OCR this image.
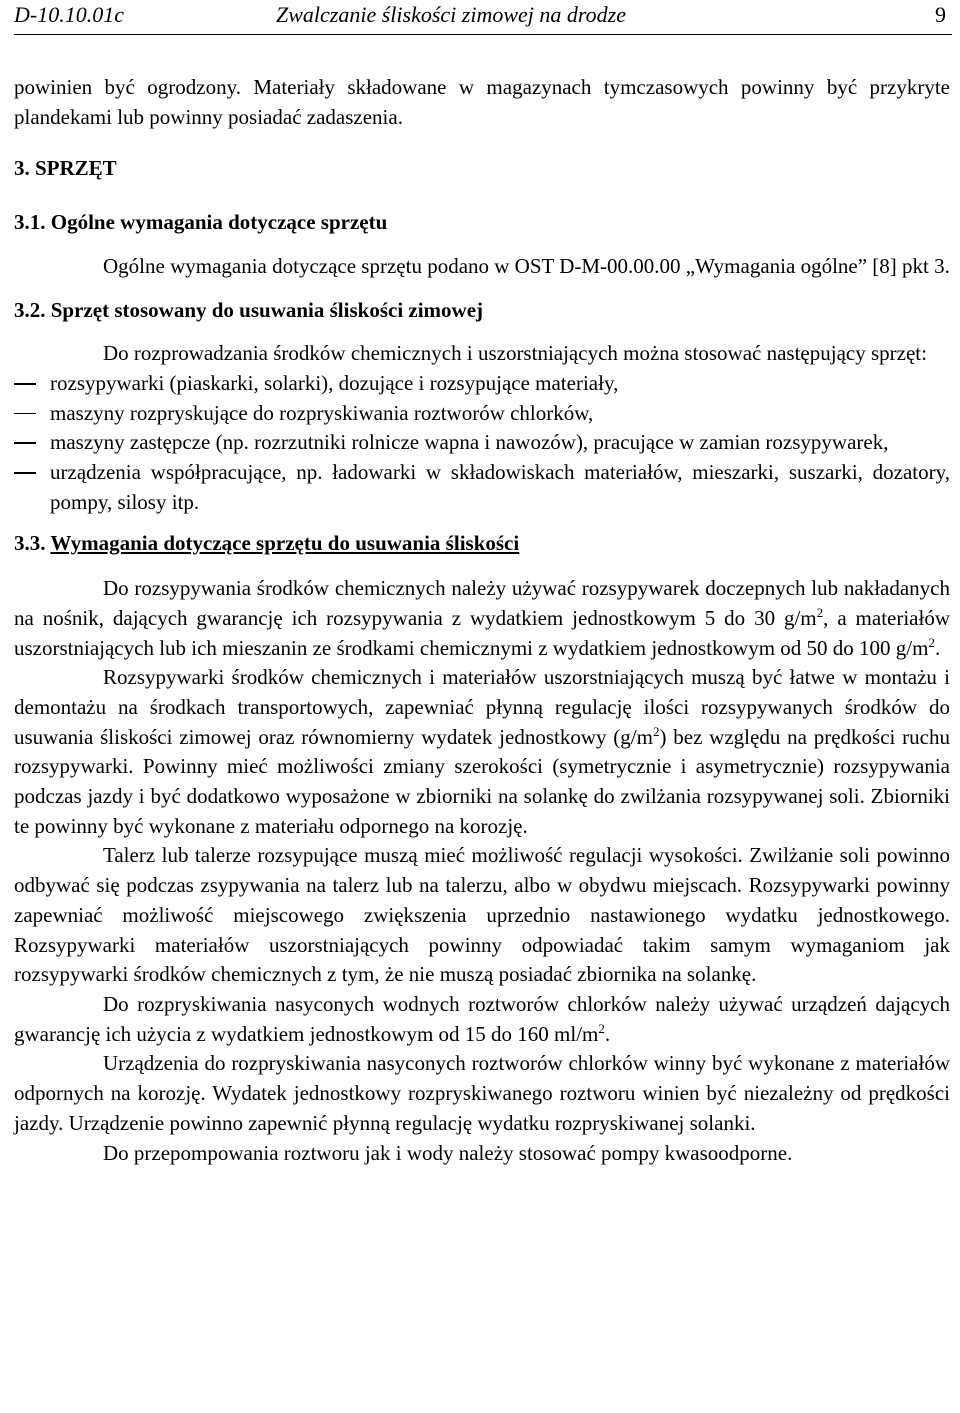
D-10.10.01c	Zwalczanie śliskości zimowej na drodze	9

powinien być ogrodzony. Materiały składowane w magazynach tymczasowych powinny być przykryte plandekami lub powinny posiadać zadaszenia.

3. SPRZĘT
3.1. Ogólne wymagania dotyczące sprzętu

Ogólne wymagania dotyczące sprzętu podano w OST D-M-00.00.00 „Wymagania ogólne” [8] pkt 3.

3.2. Sprzęt stosowany do usuwania śliskości zimowej

Do rozprowadzania środków chemicznych i uszorstniających można stosować następujący sprzęt:

rozsypywarki (piaskarki, solarki), dozujące i rozsypujące materiały,
maszyny rozpryskujące do rozpryskiwania roztworów chlorków,
maszyny zastępcze (np. rozrzutniki rolnicze wapna i nawozów), pracujące w zamian rozsypywarek,
urządzenia współpracujące, np. ładowarki w składowiskach materiałów, mieszarki, suszarki, dozatory, pompy, silosy itp.
3.3. Wymagania dotyczące sprzętu do usuwania śliskości

Do rozsypywania środków chemicznych należy używać rozsypywarek doczepnych lub nakładanych na nośnik, dających gwarancję ich rozsypywania z wydatkiem jednostkowym 5 do 30 $g/m^2$, a materiałów uszorstniających lub ich mieszanin ze środkami chemicznymi z wydatkiem jednostkowym od 50 do 100 $g/m^2$.

Rozsypywarki środków chemicznych i materiałów uszorstniających muszą być łatwe w montażu i demontażu na środkach transportowych, zapewniać płynną regulację ilości rozsypywanych środków do usuwania śliskości zimowej oraz równomierny wydatek jednostkowy $(g/m^2)$ bez względu na prędkości ruchu rozsypywarki. Powinny mieć możliwości zmiany szerokości (symetrycznie i asymetrycznie) rozsypywania podczas jazdy i być dodatkowo wyposażone w zbiorniki na solankę do zwilżania rozsypywanej soli. Zbiorniki te powinny być wykonane z materiału odpornego na korozję.

Talerz lub talerze rozsypujące muszą mieć możliwość regulacji wysokości. Zwilżanie soli powinno odbywać się podczas zsypywania na talerz lub na talerzu, albo w obydwu miejscach. Rozsypywarki powinny zapewniać możliwość miejscowego zwiększenia uprzednio nastawionego wydatku jednostkowego. Rozsypywarki materiałów uszorstniających powinny odpowiadać takim samym wymaganiom jak rozsypywarki środków chemicznych z tym, że nie muszą posiadać zbiornika na solankę.

Do rozpryskiwania nasyconych wodnych roztworów chlorków należy używać urządzeń dających gwarancję ich użycia z wydatkiem jednostkowym od 15 do 160 $ml/m^2$.

Urządzenia do rozpryskiwania nasyconych roztworów chlorków winny być wykonane z materiałów odpornych na korozję. Wydatek jednostkowy rozpryskiwanego roztworu winien być niezależny od prędkości jazdy. Urządzenie powinno zapewnić płynną regulację wydatku rozpryskiwanej solanki.

Do przepompowania roztworu jak i wody należy stosować pompy kwasoodporne.
